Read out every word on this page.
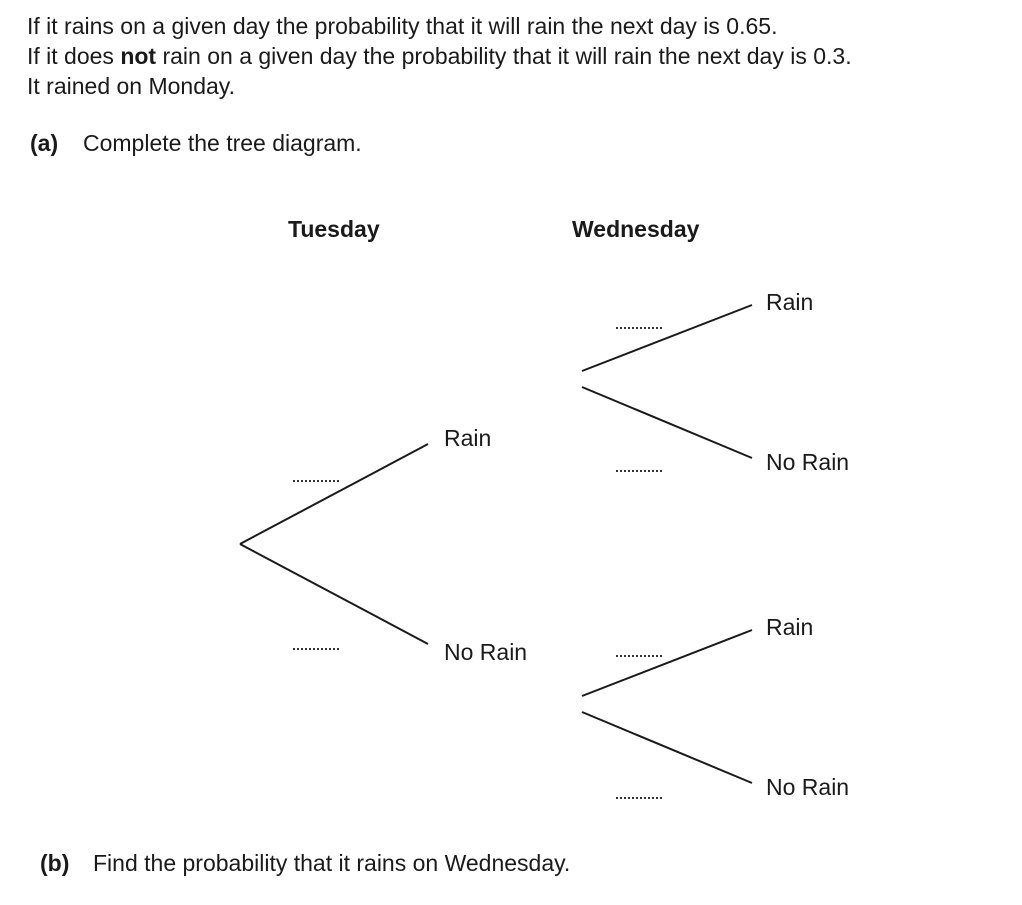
If it rains on a given day the probability that it will rain the next day is 0.65.

If it does not rain on a given day the probability that it will rain the next day is 0.3.

It rained on Monday.

(a) Complete the tree diagram.
Tuesday	Wednesday
Rain
No Rain
Rain
No Rain
Rain
No Rain
(b) Find the probability that it rains on Wednesday.
